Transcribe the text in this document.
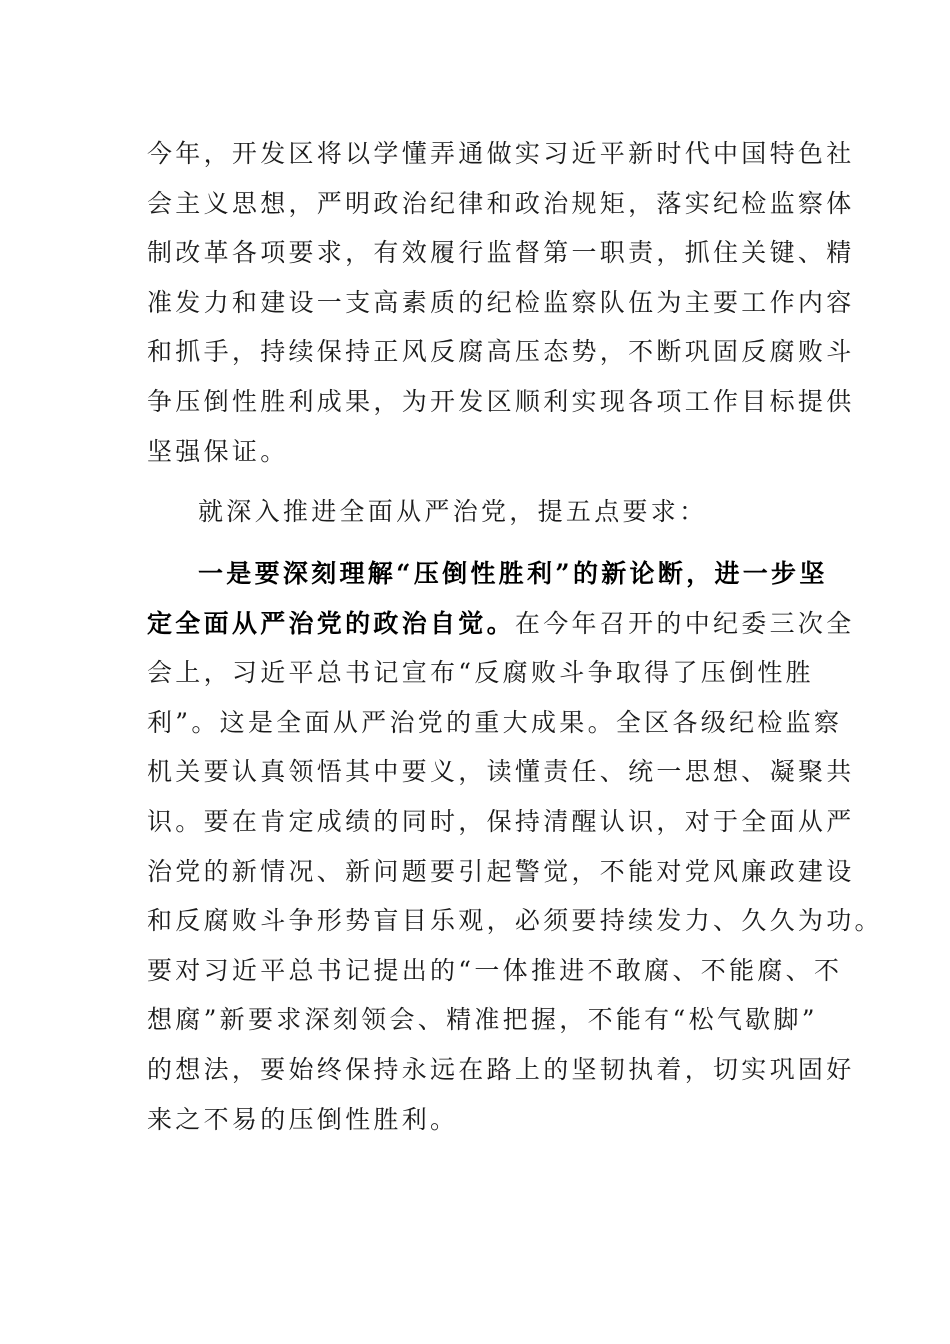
今年，开发区将以学懂弄通做实习近平新时代中国特色社
会主义思想，严明政治纪律和政治规矩，落实纪检监察体
制改革各项要求，有效履行监督第一职责，抓住关键、精
准发力和建设一支高素质的纪检监察队伍为主要工作内容
和抓手，持续保持正风反腐高压态势，不断巩固反腐败斗
争压倒性胜利成果，为开发区顺利实现各项工作目标提供
坚强保证。
就深入推进全面从严治党，提五点要求：
一是要深刻理解“压倒性胜利”的新论断，进一步坚
定全面从严治党的政治自觉。在今年召开的中纪委三次全
会上，习近平总书记宣布“反腐败斗争取得了压倒性胜
利”。这是全面从严治党的重大成果。全区各级纪检监察
机关要认真领悟其中要义，读懂责任、统一思想、凝聚共
识。要在肯定成绩的同时，保持清醒认识，对于全面从严
治党的新情况、新问题要引起警觉，不能对党风廉政建设
和反腐败斗争形势盲目乐观，必须要持续发力、久久为功。
要对习近平总书记提出的“一体推进不敢腐、不能腐、不
想腐”新要求深刻领会、精准把握，不能有“松气歇脚”
的想法，要始终保持永远在路上的坚韧执着，切实巩固好
来之不易的压倒性胜利。
